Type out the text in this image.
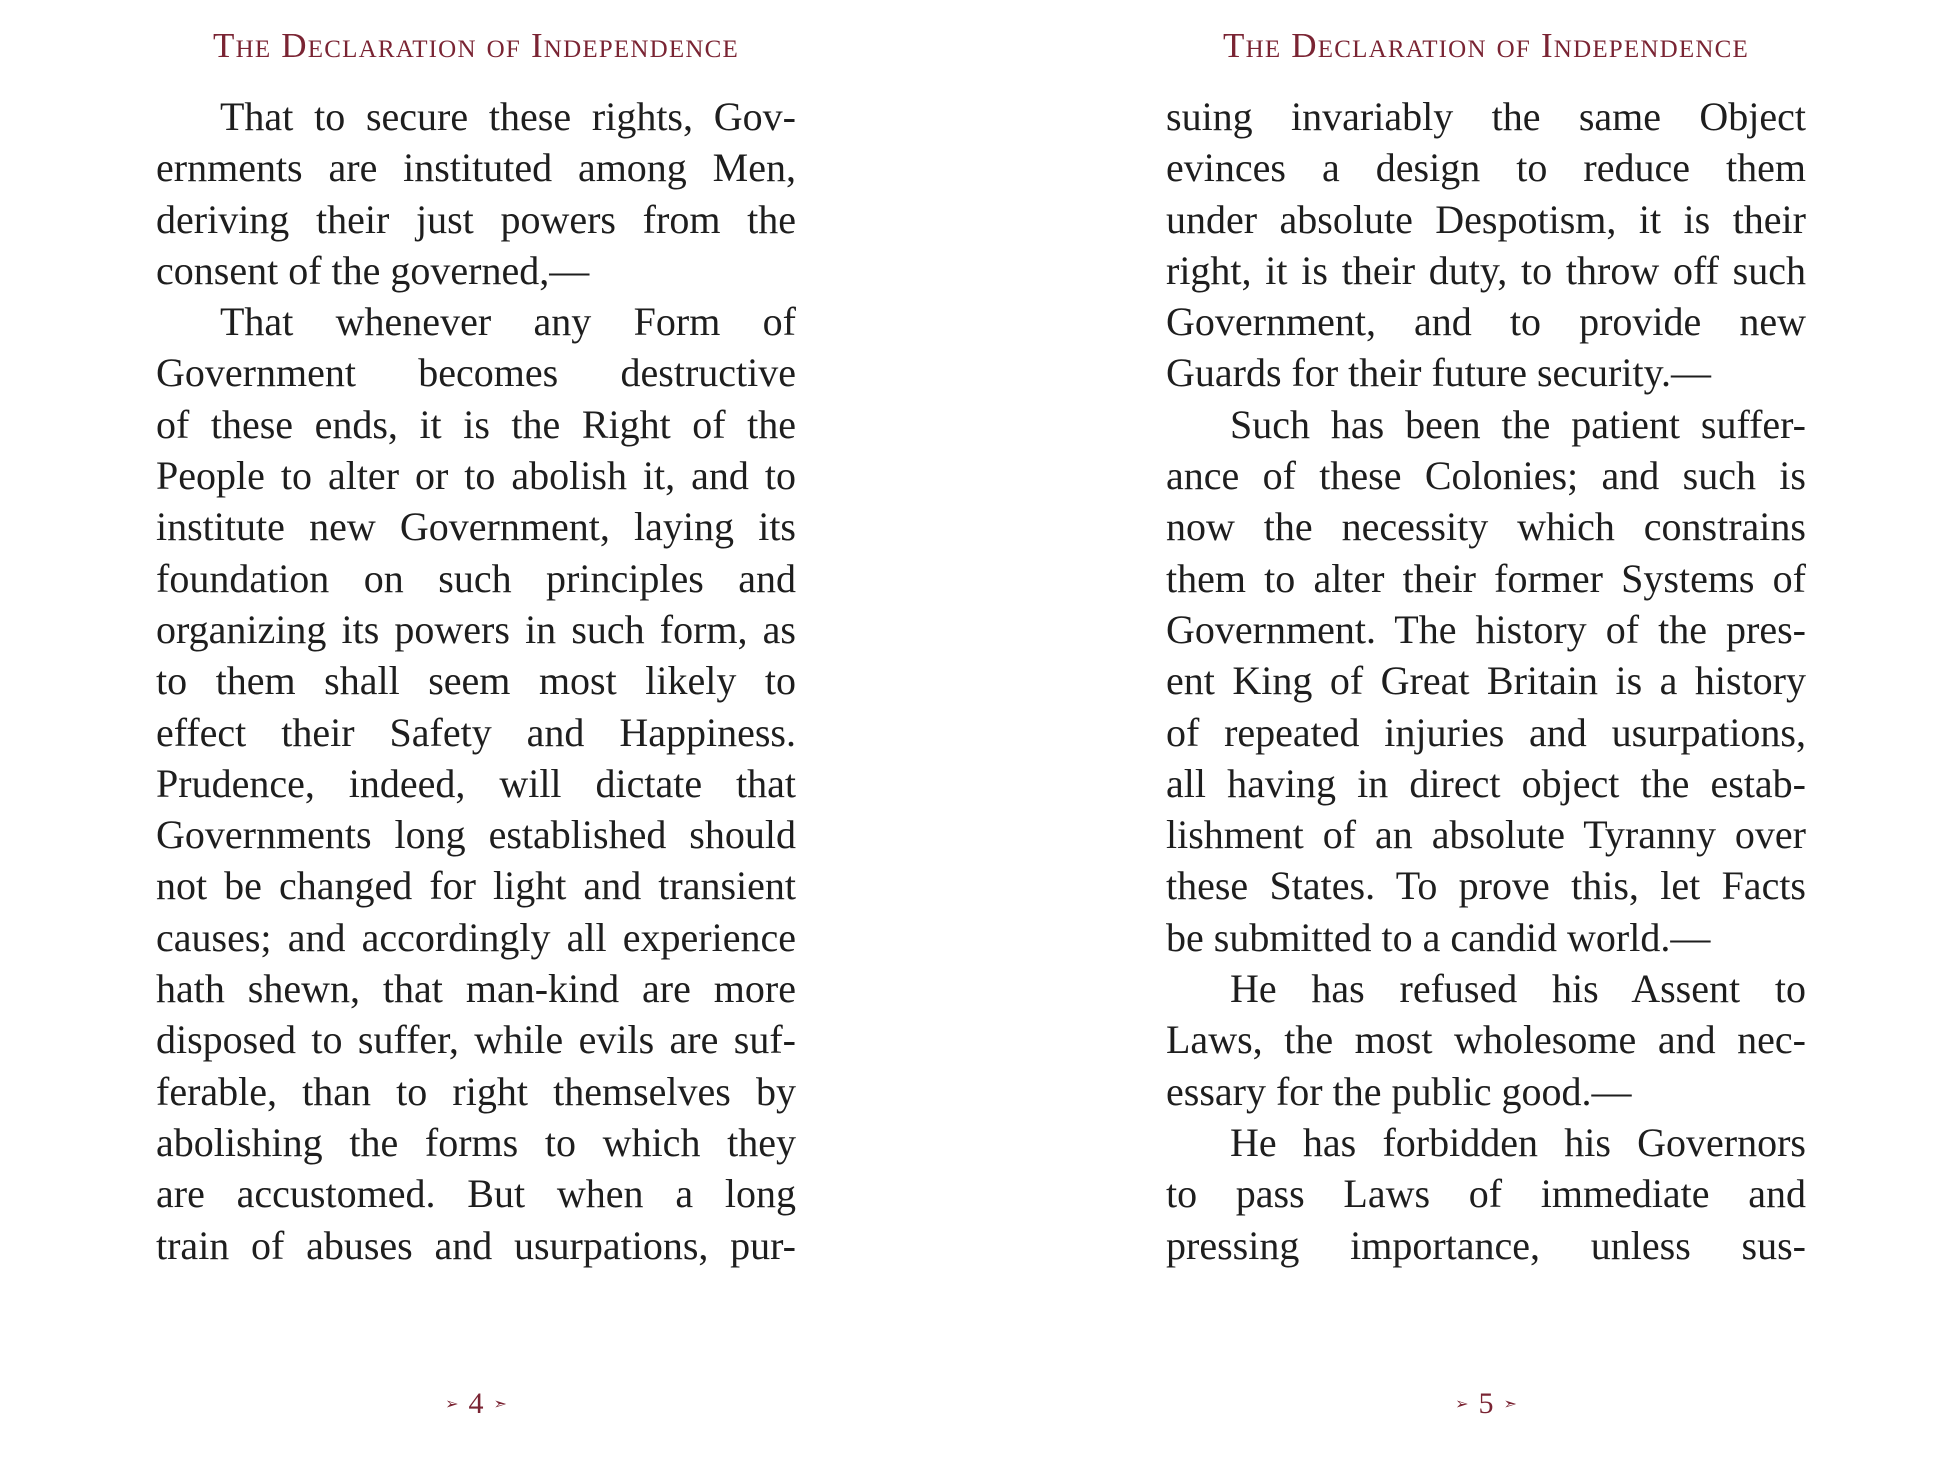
The Declaration of Independence
That to secure these rights, Gov-
ernments are instituted among Men,
deriving their just powers from the
consent of the governed,—
That whenever any Form of
Government becomes destructive
of these ends, it is the Right of the
People to alter or to abolish it, and to
institute new Government, laying its
foundation on such principles and
organizing its powers in such form, as
to them shall seem most likely to
effect their Safety and Happiness.
Prudence, indeed, will dictate that
Governments long established should
not be changed for light and transient
causes; and accordingly all experience
hath shewn, that man-kind are more
disposed to suffer, while evils are suf-
ferable, than to right themselves by
abolishing the forms to which they
are accustomed. But when a long
train of abuses and usurpations, pur-
➢ 4 ➣
The Declaration of Independence
suing invariably the same Object
evinces a design to reduce them
under absolute Despotism, it is their
right, it is their duty, to throw off such
Government, and to provide new
Guards for their future security.—
Such has been the patient suffer-
ance of these Colonies; and such is
now the necessity which constrains
them to alter their former Systems of
Government. The history of the pres-
ent King of Great Britain is a history
of repeated injuries and usurpations,
all having in direct object the estab-
lishment of an absolute Tyranny over
these States. To prove this, let Facts
be submitted to a candid world.—
He has refused his Assent to
Laws, the most wholesome and nec-
essary for the public good.—
He has forbidden his Governors
to pass Laws of immediate and
pressing importance, unless sus-
➢ 5 ➣
